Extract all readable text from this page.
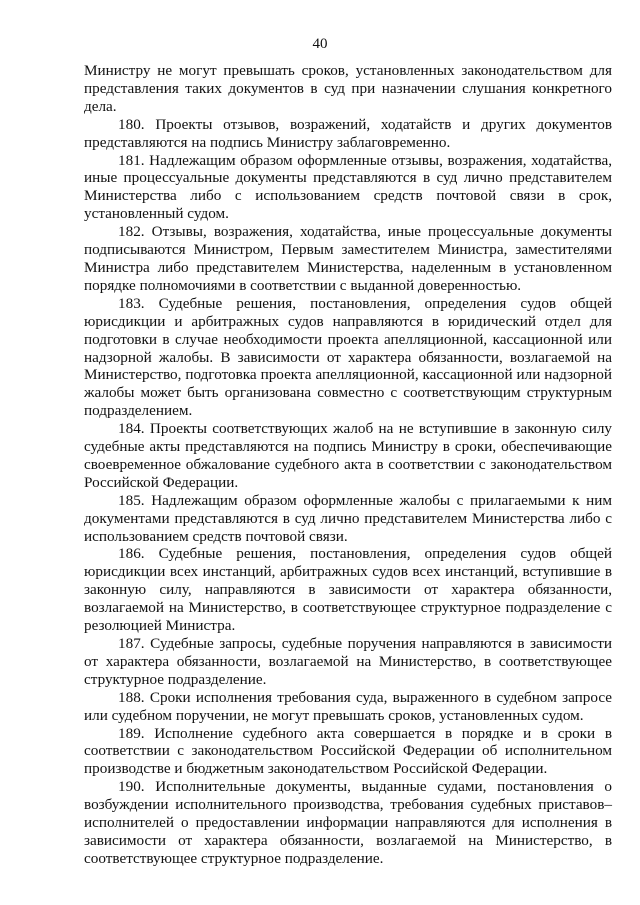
40

Министру не могут превышать сроков, установленных законодательством для представления таких документов в суд при назначении слушания конкретного дела.

180. Проекты отзывов, возражений, ходатайств и других документов представляются на подпись Министру заблаговременно.

181. Надлежащим образом оформленные отзывы, возражения, ходатайства, иные процессуальные документы представляются в суд лично представителем Министерства либо с использованием средств почтовой связи в срок, установленный судом.

182. Отзывы, возражения, ходатайства, иные процессуальные документы подписываются Министром, Первым заместителем Министра, заместителями Министра либо представителем Министерства, наделенным в установленном порядке полномочиями в соответствии с выданной доверенностью.

183. Судебные решения, постановления, определения судов общей юрисдикции и арбитражных судов направляются в юридический отдел для подготовки в случае необходимости проекта апелляционной, кассационной или надзорной жалобы. В зависимости от характера обязанности, возлагаемой на Министерство, подготовка проекта апелляционной, кассационной или надзорной жалобы может быть организована совместно с соответствующим структурным подразделением.

184. Проекты соответствующих жалоб на не вступившие в законную силу судебные акты представляются на подпись Министру в сроки, обеспечивающие своевременное обжалование судебного акта в соответствии с законодательством Российской Федерации.

185. Надлежащим образом оформленные жалобы с прилагаемыми к ним документами представляются в суд лично представителем Министерства либо с использованием средств почтовой связи.

186. Судебные решения, постановления, определения судов общей юрисдикции всех инстанций, арбитражных судов всех инстанций, вступившие в законную силу, направляются в зависимости от характера обязанности, возлагаемой на Министерство, в соответствующее структурное подразделение с резолюцией Министра.

187. Судебные запросы, судебные поручения направляются в зависимости от характера обязанности, возлагаемой на Министерство, в соответствующее структурное подразделение.

188. Сроки исполнения требования суда, выраженного в судебном запросе или судебном поручении, не могут превышать сроков, установленных судом.

189. Исполнение судебного акта совершается в порядке и в сроки в соответствии с законодательством Российской Федерации об исполнительном производстве и бюджетным законодательством Российской Федерации.

190. Исполнительные документы, выданные судами, постановления о возбуждении исполнительного производства, требования судебных приставов–исполнителей о предоставлении информации направляются для исполнения в зависимости от характера обязанности, возлагаемой на Министерство, в соответствующее структурное подразделение.
